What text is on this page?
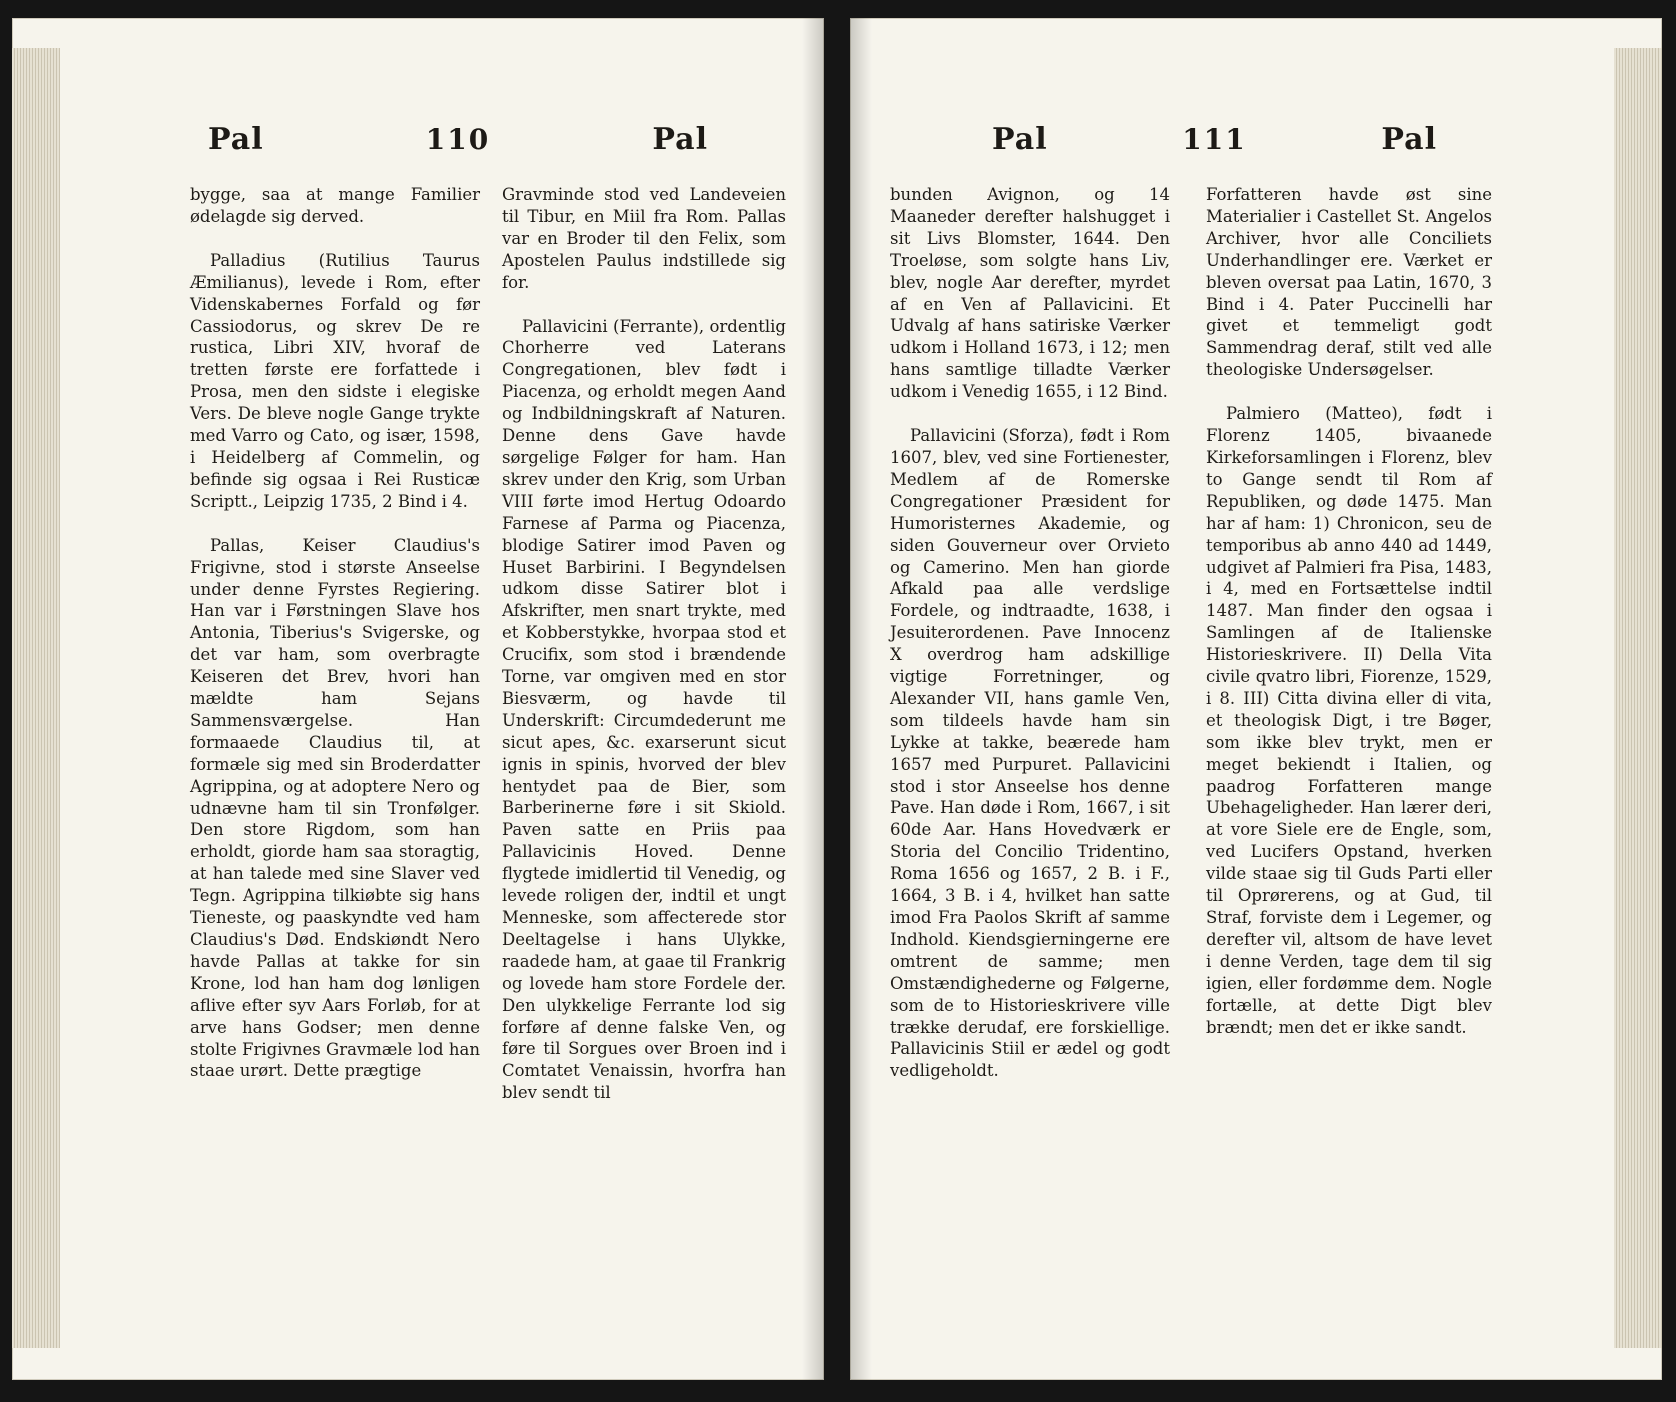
Pal	110	Pal

bygge, saa at mange Familier ødelagde sig derved.

Palladius (Rutilius Taurus Æmilianus), levede i Rom, efter Videnskabernes Forfald og før Cassiodorus, og skrev De re rustica, Libri XIV, hvoraf de tretten første ere forfattede i Prosa, men den sidste i elegiske Vers. De bleve nogle Gange trykte med Varro og Cato, og især, 1598, i Heidelberg af Commelin, og befinde sig ogsaa i Rei Rusticæ Scriptt., Leipzig 1735, 2 Bind i 4.

Pallas, Keiser Claudius's Frigivne, stod i største Anseelse under denne Fyrstes Regiering. Han var i Førstningen Slave hos Antonia, Tiberius's Svigerske, og det var ham, som overbragte Keiseren det Brev, hvori han mældte ham Sejans Sammensværgelse. Han formaaede Claudius til, at formæle sig med sin Broderdatter Agrippina, og at adoptere Nero og udnævne ham til sin Tronfølger. Den store Rigdom, som han erholdt, giorde ham saa storagtig, at han talede med sine Slaver ved Tegn. Agrippina tilkiøbte sig hans Tieneste, og paaskyndte ved ham Claudius's Død. Endskiøndt Nero havde Pallas at takke for sin Krone, lod han ham dog lønligen aflive efter syv Aars Forløb, for at arve hans Godser; men denne stolte Frigivnes Gravmæle lod han staae urørt. Dette prægtige

Gravminde stod ved Landeveien til Tibur, en Miil fra Rom. Pallas var en Broder til den Felix, som Apostelen Paulus indstillede sig for.

Pallavicini (Ferrante), ordentlig Chorherre ved Laterans Congregationen, blev født i Piacenza, og erholdt megen Aand og Indbildningskraft af Naturen. Denne dens Gave havde sørgelige Følger for ham. Han skrev under den Krig, som Urban VIII førte imod Hertug Odoardo Farnese af Parma og Piacenza, blodige Satirer imod Paven og Huset Barbirini. I Begyndelsen udkom disse Satirer blot i Afskrifter, men snart trykte, med et Kobberstykke, hvorpaa stod et Crucifix, som stod i brændende Torne, var omgiven med en stor Biesværm, og havde til Underskrift: Circumdederunt me sicut apes, &c. exarserunt sicut ignis in spinis, hvorved der blev hentydet paa de Bier, som Barberinerne føre i sit Skiold. Paven satte en Priis paa Pallavicinis Hoved. Denne flygtede imidlertid til Venedig, og levede roligen der, indtil et ungt Menneske, som affecterede stor Deeltagelse i hans Ulykke, raadede ham, at gaae til Frankrig og lovede ham store Fordele der. Den ulykkelige Ferrante lod sig forføre af denne falske Ven, og føre til Sorgues over Broen ind i Comtatet Venaissin, hvorfra han blev sendt til

Pal	111	Pal

bunden Avignon, og 14 Maaneder derefter halshugget i sit Livs Blomster, 1644. Den Troeløse, som solgte hans Liv, blev, nogle Aar derefter, myrdet af en Ven af Pallavicini. Et Udvalg af hans satiriske Værker udkom i Holland 1673, i 12; men hans samtlige tilladte Værker udkom i Venedig 1655, i 12 Bind.

Pallavicini (Sforza), født i Rom 1607, blev, ved sine Fortienester, Medlem af de Romerske Congregationer Præsident for Humoristernes Akademie, og siden Gouverneur over Orvieto og Camerino. Men han giorde Afkald paa alle verdslige Fordele, og indtraadte, 1638, i Jesuiterordenen. Pave Innocenz X overdrog ham adskillige vigtige Forretninger, og Alexander VII, hans gamle Ven, som tildeels havde ham sin Lykke at takke, beærede ham 1657 med Purpuret. Pallavicini stod i stor Anseelse hos denne Pave. Han døde i Rom, 1667, i sit 60de Aar. Hans Hovedværk er Storia del Concilio Tridentino, Roma 1656 og 1657, 2 B. i F., 1664, 3 B. i 4, hvilket han satte imod Fra Paolos Skrift af samme Indhold. Kiendsgierningerne ere omtrent de samme; men Omstændighederne og Følgerne, som de to Historieskrivere ville trække derudaf, ere forskiellige. Pallavicinis Stiil er ædel og godt vedligeholdt.

Forfatteren havde øst sine Materialier i Castellet St. Angelos Archiver, hvor alle Conciliets Underhandlinger ere. Værket er bleven oversat paa Latin, 1670, 3 Bind i 4. Pater Puccinelli har givet et temmeligt godt Sammendrag deraf, stilt ved alle theologiske Undersøgelser.

Palmiero (Matteo), født i Florenz 1405, bivaanede Kirkeforsamlingen i Florenz, blev to Gange sendt til Rom af Republiken, og døde 1475. Man har af ham: 1) Chronicon, seu de temporibus ab anno 440 ad 1449, udgivet af Palmieri fra Pisa, 1483, i 4, med en Fortsættelse indtil 1487. Man finder den ogsaa i Samlingen af de Italienske Historieskrivere. II) Della Vita civile qvatro libri, Fiorenze, 1529, i 8. III) Citta divina eller di vita, et theologisk Digt, i tre Bøger, som ikke blev trykt, men er meget bekiendt i Italien, og paadrog Forfatteren mange Ubehageligheder. Han lærer deri, at vore Siele ere de Engle, som, ved Lucifers Opstand, hverken vilde staae sig til Guds Parti eller til Oprørerens, og at Gud, til Straf, forviste dem i Legemer, og derefter vil, altsom de have levet i denne Verden, tage dem til sig igien, eller fordømme dem. Nogle fortælle, at dette Digt blev brændt; men det er ikke sandt.
